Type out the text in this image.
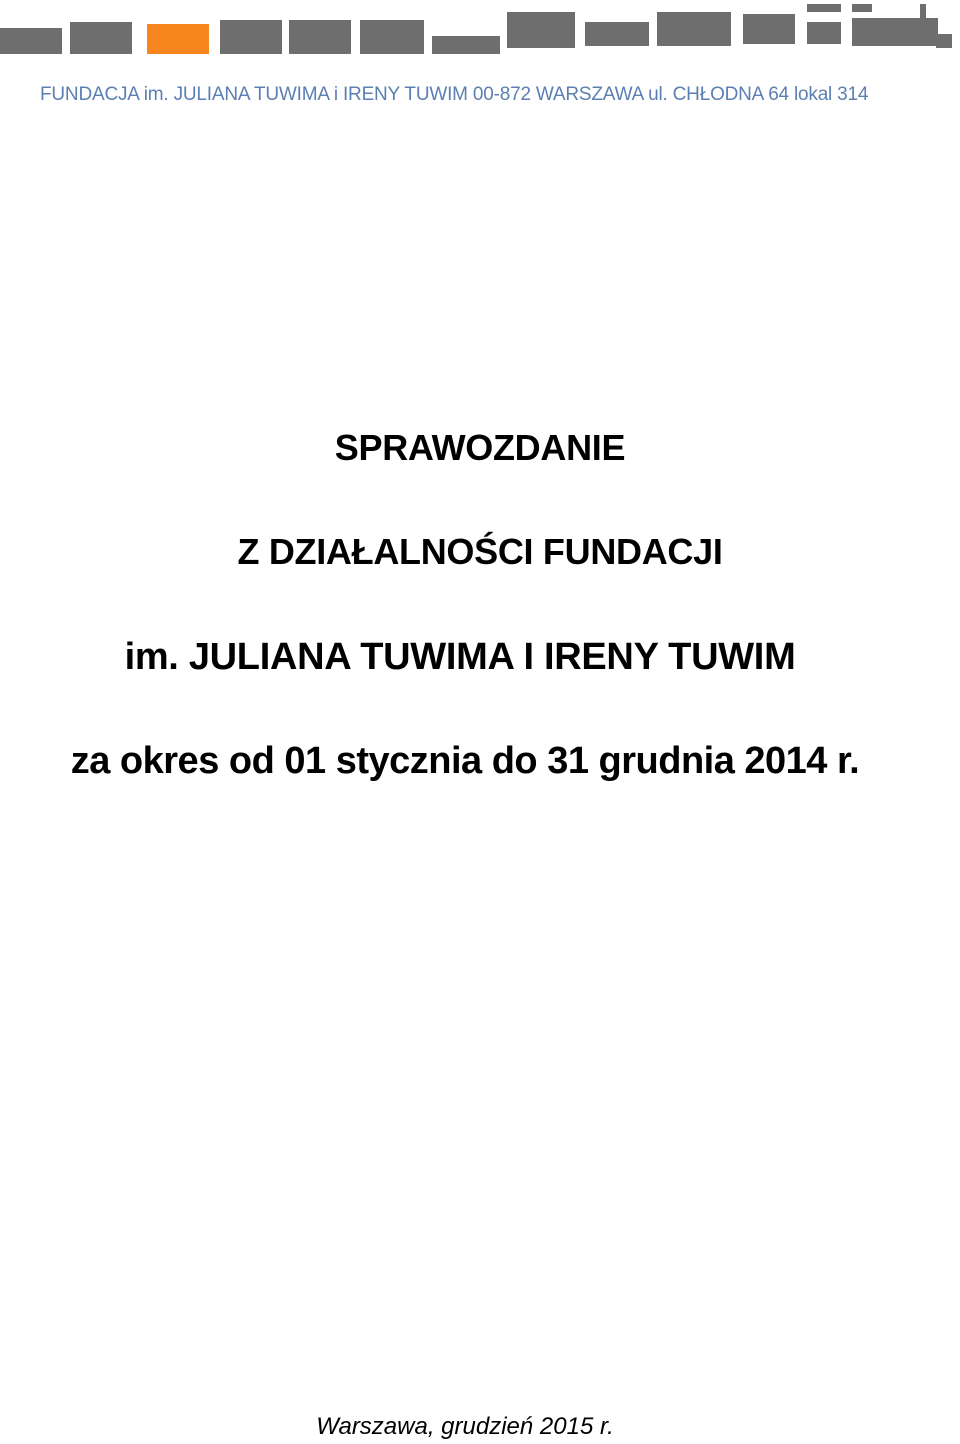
FUNDACJA im. JULIANA TUWIMA i IRENY TUWIM 00-872 WARSZAWA ul. CHŁODNA 64 lokal 314
SPRAWOZDANIE
Z DZIAŁALNOŚCI FUNDACJI
im. JULIANA TUWIMA I IRENY TUWIM
za okres od 01 stycznia do 31 grudnia 2014 r.
Warszawa, grudzień 2015 r.
